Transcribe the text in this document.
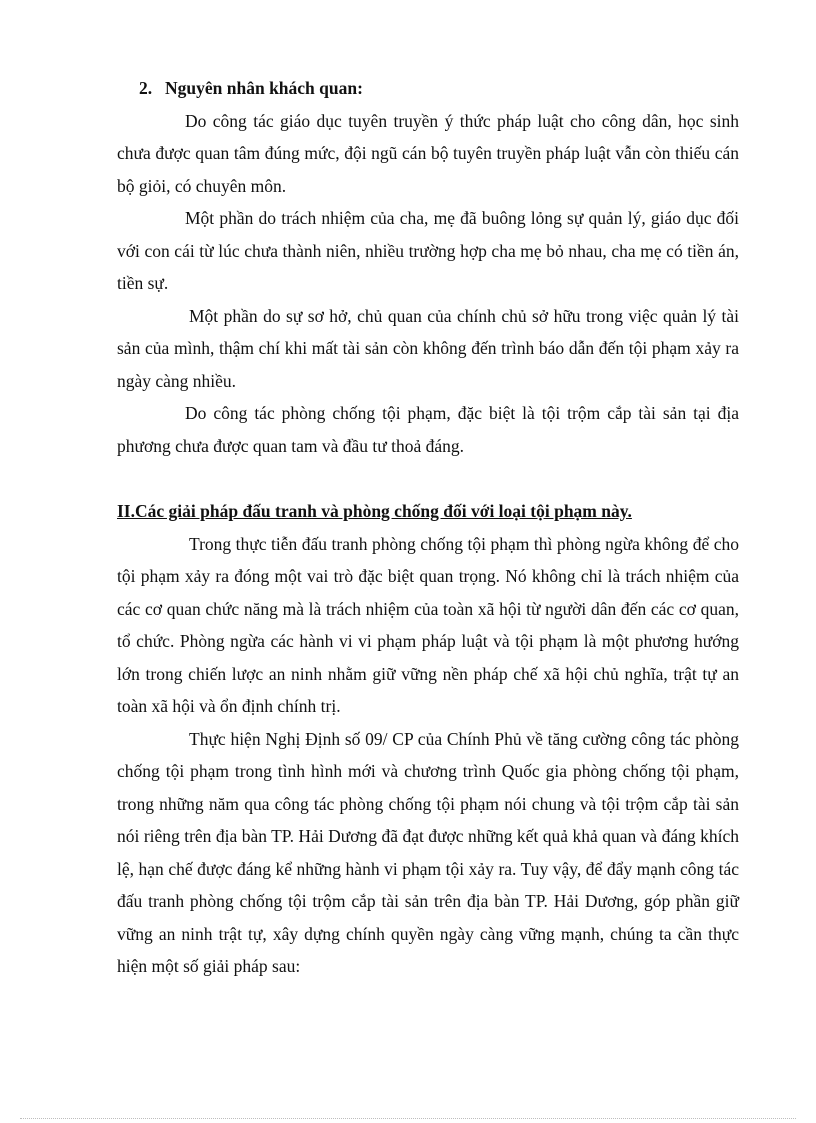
2. Nguyên nhân khách quan:

Do công tác giáo dục tuyên truyền ý thức pháp luật cho công dân, học sinh chưa được quan tâm đúng mức, đội ngũ cán bộ tuyên truyền pháp luật vẫn còn thiếu cán bộ giỏi, có chuyên môn.

Một phần do trách nhiệm của cha, mẹ đã buông lỏng sự quản lý, giáo dục đối với con cái từ lúc chưa thành niên, nhiều trường hợp cha mẹ bỏ nhau, cha mẹ có tiền án, tiền sự.

Một phần do sự sơ hở, chủ quan của chính chủ sở hữu trong việc quản lý tài sản của mình, thậm chí khi mất tài sản còn không đến trình báo dẫn đến tội phạm xảy ra ngày càng nhiều.

Do công tác phòng chống tội phạm, đặc biệt là tội trộm cắp tài sản tại địa phương chưa được quan tam và đầu tư thoả đáng.

II.Các giải pháp đấu tranh và phòng chống đối với loại tội phạm này.

Trong thực tiễn đấu tranh phòng chống tội phạm thì phòng ngừa không để cho tội phạm xảy ra đóng một vai trò đặc biệt quan trọng. Nó không chỉ là trách nhiệm của các cơ quan chức năng mà là trách nhiệm của toàn xã hội từ người dân đến các cơ quan, tổ chức. Phòng ngừa các hành vi vi phạm pháp luật và tội phạm là một phương hướng lớn trong chiến lược an ninh nhằm giữ vững nền pháp chế xã hội chủ nghĩa, trật tự an toàn xã hội và ổn định chính trị.

Thực hiện Nghị Định số 09/ CP của Chính Phủ về tăng cường công tác phòng chống tội phạm trong tình hình mới và chương trình Quốc gia phòng chống tội phạm, trong những năm qua công tác phòng chống tội phạm nói chung và tội trộm cắp tài sản nói riêng trên địa bàn TP. Hải Dương đã đạt được những kết quả khả quan và đáng khích lệ, hạn chế được đáng kể những hành vi phạm tội xảy ra. Tuy vậy, để đẩy mạnh công tác đấu tranh phòng chống tội trộm cắp tài sản trên địa bàn TP. Hải Dương, góp phần giữ vững an ninh trật tự, xây dựng chính quyền ngày càng vững mạnh, chúng ta cần thực hiện một số giải pháp sau:
